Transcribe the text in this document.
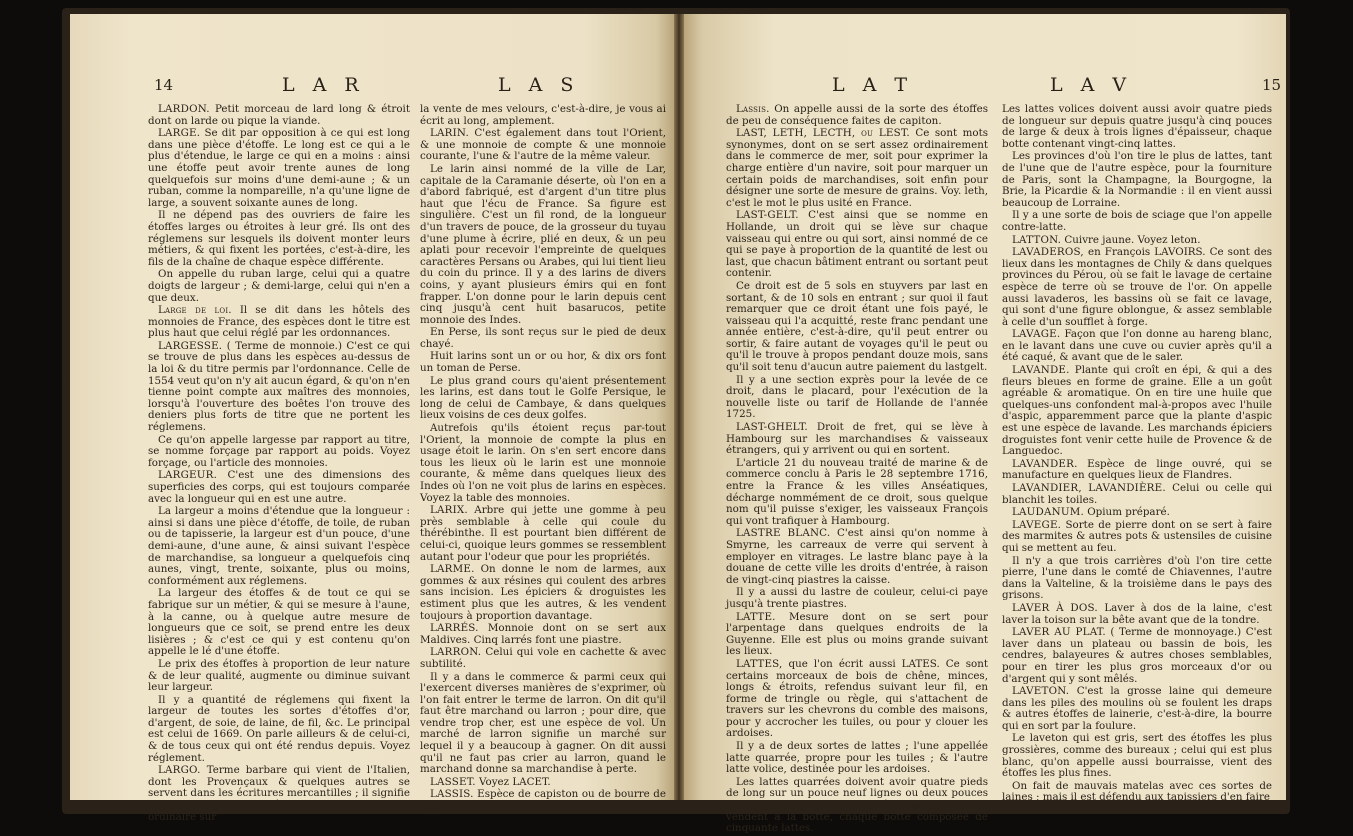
14	L A R	L A S

LARDON. Petit morceau de lard long & étroit dont on larde ou pique la viande.

LARGE. Se dit par opposition à ce qui est long dans une pièce d'étoffe. Le long est ce qui a le plus d'étendue, le large ce qui en a moins : ainsi une étoffe peut avoir trente aunes de long quelquefois sur moins d'une demi-aune ; & un ruban, comme la nompareille, n'a qu'une ligne de large, a souvent soixante aunes de long.

Il ne dépend pas des ouvriers de faire les étoffes larges ou étroites à leur gré. Ils ont des réglemens sur lesquels ils doivent monter leurs métiers, & qui fixent les portées, c'est-à-dire, les fils de la chaîne de chaque espèce différente.

On appelle du ruban large, celui qui a quatre doigts de largeur ; & demi-large, celui qui n'en a que deux.

Large de loi. Il se dit dans les hôtels des monnoies de France, des espèces dont le titre est plus haut que celui réglé par les ordonnances.

LARGESSE. ( Terme de monnoie.) C'est ce qui se trouve de plus dans les espèces au-dessus de la loi & du titre permis par l'ordonnance. Celle de 1554 veut qu'on n'y ait aucun égard, & qu'on n'en tienne point compte aux maîtres des monnoies, lorsqu'à l'ouverture des boêtes l'on trouve des deniers plus forts de titre que ne portent les réglemens.

Ce qu'on appelle largesse par rapport au titre, se nomme forçage par rapport au poids. Voyez forçage, ou l'article des monnoies.

LARGEUR. C'est une des dimensions des superficies des corps, qui est toujours comparée avec la longueur qui en est une autre.

La largeur a moins d'étendue que la longueur : ainsi si dans une pièce d'étoffe, de toile, de ruban ou de tapisserie, la largeur est d'un pouce, d'une demi-aune, d'une aune, & ainsi suivant l'espèce de marchandise, sa longueur a quelquefois cinq aunes, vingt, trente, soixante, plus ou moins, conformément aux réglemens.

La largeur des étoffes & de tout ce qui se fabrique sur un métier, & qui se mesure à l'aune, à la canne, ou à quelque autre mesure de longueurs que ce soit, se prend entre les deux lisières ; & c'est ce qui y est contenu qu'on appelle le lé d'une étoffe.

Le prix des étoffes à proportion de leur nature & de leur qualité, augmente ou diminue suivant leur largeur.

Il y a quantité de réglemens qui fixent la largeur de toutes les sortes d'étoffes d'or, d'argent, de soie, de laine, de fil, &c. Le principal est celui de 1669. On parle ailleurs & de celui-ci, & de tous ceux qui ont été rendus depuis. Voyez réglement.

LARGO. Terme barbare qui vient de l'Italien, dont les Provençaux & quelques autres se servent dans les écritures mercantilles ; il signifie amplement. Je vous ai écrit largo par le dernier ordinaire sur

la vente de mes velours, c'est-à-dire, je vous ai écrit au long, amplement.

LARIN. C'est également dans tout l'Orient, & une monnoie de compte & une monnoie courante, l'une & l'autre de la même valeur.

Le larin ainsi nommé de la ville de Lar, capitale de la Caramanie déserte, où l'on en a d'abord fabriqué, est d'argent d'un titre plus haut que l'écu de France. Sa figure est singulière. C'est un fil rond, de la longueur d'un travers de pouce, de la grosseur du tuyau d'une plume à écrire, plié en deux, & un peu aplati pour recevoir l'empreinte de quelques caractères Persans ou Arabes, qui lui tient lieu du coin du prince. Il y a des larins de divers coins, y ayant plusieurs émirs qui en font frapper. L'on donne pour le larin depuis cent cinq jusqu'à cent huit basarucos, petite monnoie des Indes.

En Perse, ils sont reçus sur le pied de deux chayé.

Huit larins sont un or ou hor, & dix ors font un toman de Perse.

Le plus grand cours qu'aient présentement les larins, est dans tout le Golfe Persique, le long de celui de Cambaye, & dans quelques lieux voisins de ces deux golfes.

Autrefois qu'ils étoient reçus par-tout l'Orient, la monnoie de compte la plus en usage étoit le larin. On s'en sert encore dans tous les lieux où le larin est une monnoie courante, & même dans quelques lieux des Indes où l'on ne voit plus de larins en espèces. Voyez la table des monnoies.

LARIX. Arbre qui jette une gomme à peu près semblable à celle qui coule du thérébinthe. Il est pourtant bien différent de celui-ci, quoique leurs gommes se ressemblent autant pour l'odeur que pour les propriétés.

LARME. On donne le nom de larmes, aux gommes & aux résines qui coulent des arbres sans incision. Les épiciers & droguistes les estiment plus que les autres, & les vendent toujours à proportion davantage.

LARRÉS. Monnoie dont on se sert aux Maldives. Cinq larrés font une piastre.

LARRON. Celui qui vole en cachette & avec subtilité.

Il y a dans le commerce & parmi ceux qui l'exercent diverses manières de s'exprimer, où l'on fait entrer le terme de larron. On dit qu'il faut être marchand ou larron ; pour dire, que vendre trop cher, est une espèce de vol. Un marché de larron signifie un marché sur lequel il y a beaucoup à gagner. On dit aussi qu'il ne faut pas crier au larron, quand le marchand donne sa marchandise à perte.

LASSET. Voyez LACET.

LASSIS. Espèce de capiston ou de bourre de soie.

L A T	L A V	15

Lassis. On appelle aussi de la sorte des étoffes de peu de conséquence faites de capiton.

LAST, LETH, LECTH, ou LEST. Ce sont mots synonymes, dont on se sert assez ordinairement dans le commerce de mer, soit pour exprimer la charge entière d'un navire, soit pour marquer un certain poids de marchandises, soit enfin pour désigner une sorte de mesure de grains. Voy. leth, c'est le mot le plus usité en France.

LAST-GELT. C'est ainsi que se nomme en Hollande, un droit qui se lève sur chaque vaisseau qui entre ou qui sort, ainsi nommé de ce qui se paye à proportion de la quantité de lest ou last, que chacun bâtiment entrant ou sortant peut contenir.

Ce droit est de 5 sols en stuyvers par last en sortant, & de 10 sols en entrant ; sur quoi il faut remarquer que ce droit étant une fois payé, le vaisseau qui l'a acquitté, reste franc pendant une année entière, c'est-à-dire, qu'il peut entrer ou sortir, & faire autant de voyages qu'il le peut ou qu'il le trouve à propos pendant douze mois, sans qu'il soit tenu d'aucun autre paiement du lastgelt.

Il y a une section exprès pour la levée de ce droit, dans le placard, pour l'exécution de la nouvelle liste ou tarif de Hollande de l'année 1725.

LAST-GHELT. Droit de fret, qui se lève à Hambourg sur les marchandises & vaisseaux étrangers, qui y arrivent ou qui en sortent.

L'article 21 du nouveau traité de marine & de commerce conclu à Paris le 28 septembre 1716, entre la France & les villes Anséatiques, décharge nommément de ce droit, sous quelque nom qu'il puisse s'exiger, les vaisseaux François qui vont trafiquer à Hambourg.

LASTRE BLANC. C'est ainsi qu'on nomme à Smyrne, les carreaux de verre qui servent à employer en vitrages. Le lastre blanc paye à la douane de cette ville les droits d'entrée, à raison de vingt-cinq piastres la caisse.

Il y a aussi du lastre de couleur, celui-ci paye jusqu'à trente piastres.

LATTE. Mesure dont on se sert pour l'arpentage dans quelques endroits de la Guyenne. Elle est plus ou moins grande suivant les lieux.

LATTES, que l'on écrit aussi LATES. Ce sont certains morceaux de bois de chêne, minces, longs & étroits, refendus suivant leur fil, en forme de tringle ou règle, qui s'attachent de travers sur les chevrons du comble des maisons, pour y accrocher les tuiles, ou pour y clouer les ardoises.

Il y a de deux sortes de lattes ; l'une appellée latte quarrée, propre pour les tuiles ; & l'autre latte volice, destinée pour les ardoises.

Les lattes quarrées doivent avoir quatre pieds de long sur un pouce neuf lignes ou deux pouces de large, & demi-pouce d'épaisseur. Elles se vendent à la botte, chaque botte composée de cinquante lattes.

Les lattes volices doivent aussi avoir quatre pieds de longueur sur depuis quatre jusqu'à cinq pouces de large & deux à trois lignes d'épaisseur, chaque botte contenant vingt-cinq lattes.

Les provinces d'où l'on tire le plus de lattes, tant de l'une que de l'autre espèce, pour la fourniture de Paris, sont la Champagne, la Bourgogne, la Brie, la Picardie & la Normandie : il en vient aussi beaucoup de Lorraine.

Il y a une sorte de bois de sciage que l'on appelle contre-latte.

LATTON. Cuivre jaune. Voyez leton.

LAVADEROS, en François LAVOIRS. Ce sont des lieux dans les montagnes de Chily & dans quelques provinces du Pérou, où se fait le lavage de certaine espèce de terre où se trouve de l'or. On appelle aussi lavaderos, les bassins où se fait ce lavage, qui sont d'une figure oblongue, & assez semblable à celle d'un soufflet à forge.

LAVAGE. Façon que l'on donne au hareng blanc, en le lavant dans une cuve ou cuvier après qu'il a été caqué, & avant que de le saler.

LAVANDE. Plante qui croît en épi, & qui a des fleurs bleues en forme de graine. Elle a un goût agréable & aromatique. On en tire une huile que quelques-uns confondent mal-à-propos avec l'huile d'aspic, apparemment parce que la plante d'aspic est une espèce de lavande. Les marchands épiciers droguistes font venir cette huile de Provence & de Languedoc.

LAVANDER. Espèce de linge ouvré, qui se manufacture en quelques lieux de Flandres.

LAVANDIER, LAVANDIÈRE. Celui ou celle qui blanchit les toiles.

LAUDANUM. Opium préparé.

LAVEGE. Sorte de pierre dont on se sert à faire des marmites & autres pots & ustensiles de cuisine qui se mettent au feu.

Il n'y a que trois carrières d'où l'on tire cette pierre, l'une dans le comté de Chiavennes, l'autre dans la Valteline, & la troisième dans le pays des grisons.

LAVER À DOS. Laver à dos de la laine, c'est laver la toison sur la bête avant que de la tondre.

LAVER AU PLAT. ( Terme de monnoyage.) C'est laver dans un plateau ou bassin de bois, les cendres, balayeures & autres choses semblables, pour en tirer les plus gros morceaux d'or ou d'argent qui y sont mêlés.

LAVETON. C'est la grosse laine qui demeure dans les piles des moulins où se foulent les draps & autres étoffes de lainerie, c'est-à-dire, la bourre qui en sort par la foulure.

Le laveton qui est gris, sert des étoffes les plus grossières, comme des bureaux ; celui qui est plus blanc, qu'on appelle aussi bourraisse, vient des étoffes les plus fines.

On fait de mauvais matelas avec ces sortes de laines ; mais il est défendu aux tapissiers d'en faire
